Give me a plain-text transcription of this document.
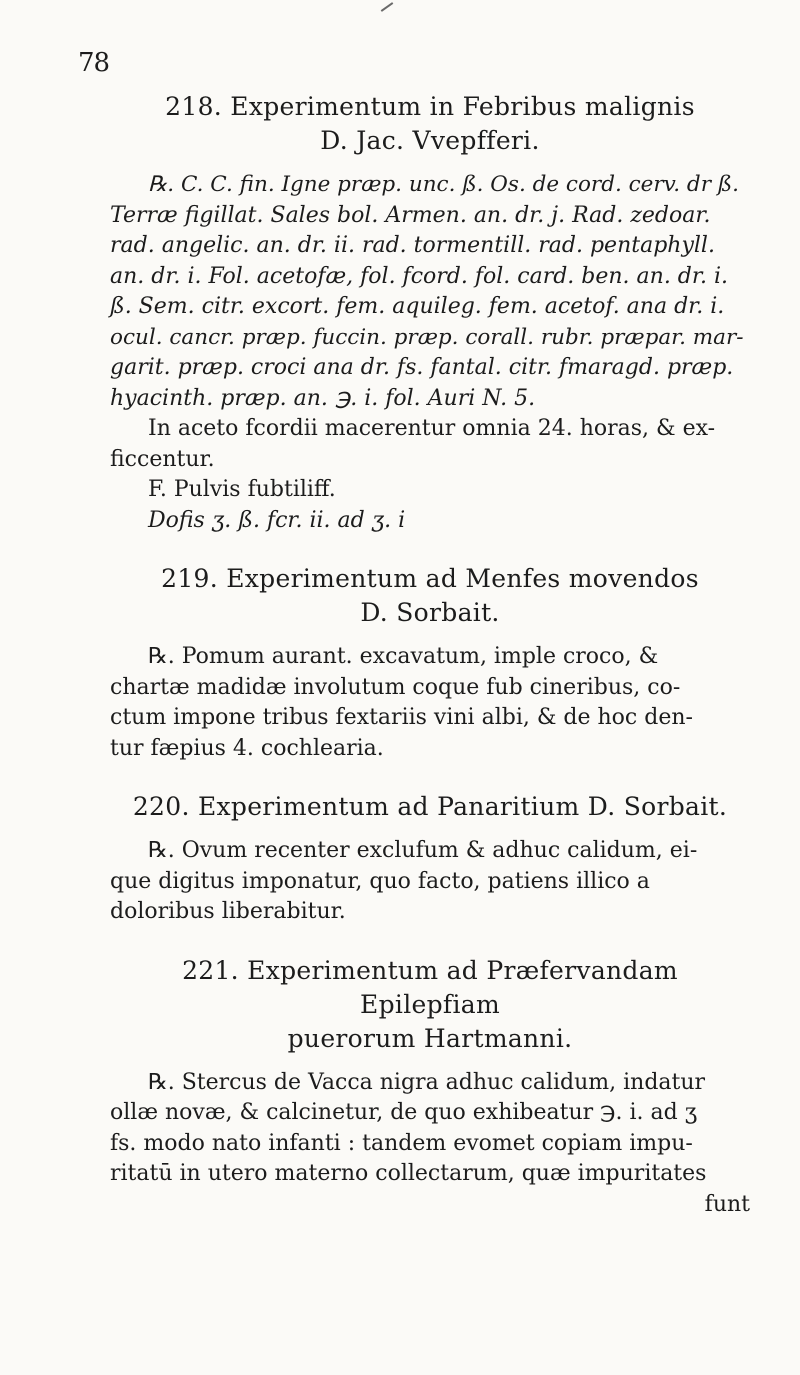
78
218. Experimentum in Febribus malignis
D. Jac. Vvepfferi.
℞. C. C. fin. Igne præp. unc. ß. Os. de cord. cerv. dr ß.
Terræ figillat. Sales bol. Armen. an. dr. j. Rad. zedoar.
rad. angelic. an. dr. ii. rad. tormentill. rad. pentaphyll.
an. dr. i. Fol. acetofæ, fol. fcord. fol. card. ben. an. dr. i.
ß. Sem. citr. excort. fem. aquileg. fem. acetof. ana dr. i.
ocul. cancr. præp. fuccin. præp. corall. rubr. præpar. mar-
garit. præp. croci ana dr. fs. fantal. citr. fmaragd. præp.
hyacinth. præp. an. ℈. i. fol. Auri N. 5.
In aceto fcordii macerentur omnia 24. horas, & ex-
ficcentur.
F. Pulvis fubtiliff.
Dofis ʒ. ß. fcr. ii. ad ʒ. i
219. Experimentum ad Menfes movendos
D. Sorbait.
℞. Pomum aurant. excavatum, imple croco, &
chartæ madidæ involutum coque fub cineribus, co-
ctum impone tribus fextariis vini albi, & de hoc den-
tur fæpius 4. cochlearia.
220. Experimentum ad Panaritium D. Sorbait.
℞. Ovum recenter exclufum & adhuc calidum, ei-
que digitus imponatur, quo facto, patiens illico a
doloribus liberabitur.
221. Experimentum ad Præfervandam Epilepfiam
puerorum Hartmanni.
℞. Stercus de Vacca nigra adhuc calidum, indatur
ollæ novæ, & calcinetur, de quo exhibeatur ℈. i. ad ʒ
fs. modo nato infanti : tandem evomet copiam impu-
ritatū in utero materno collectarum, quæ impuritates
funt
